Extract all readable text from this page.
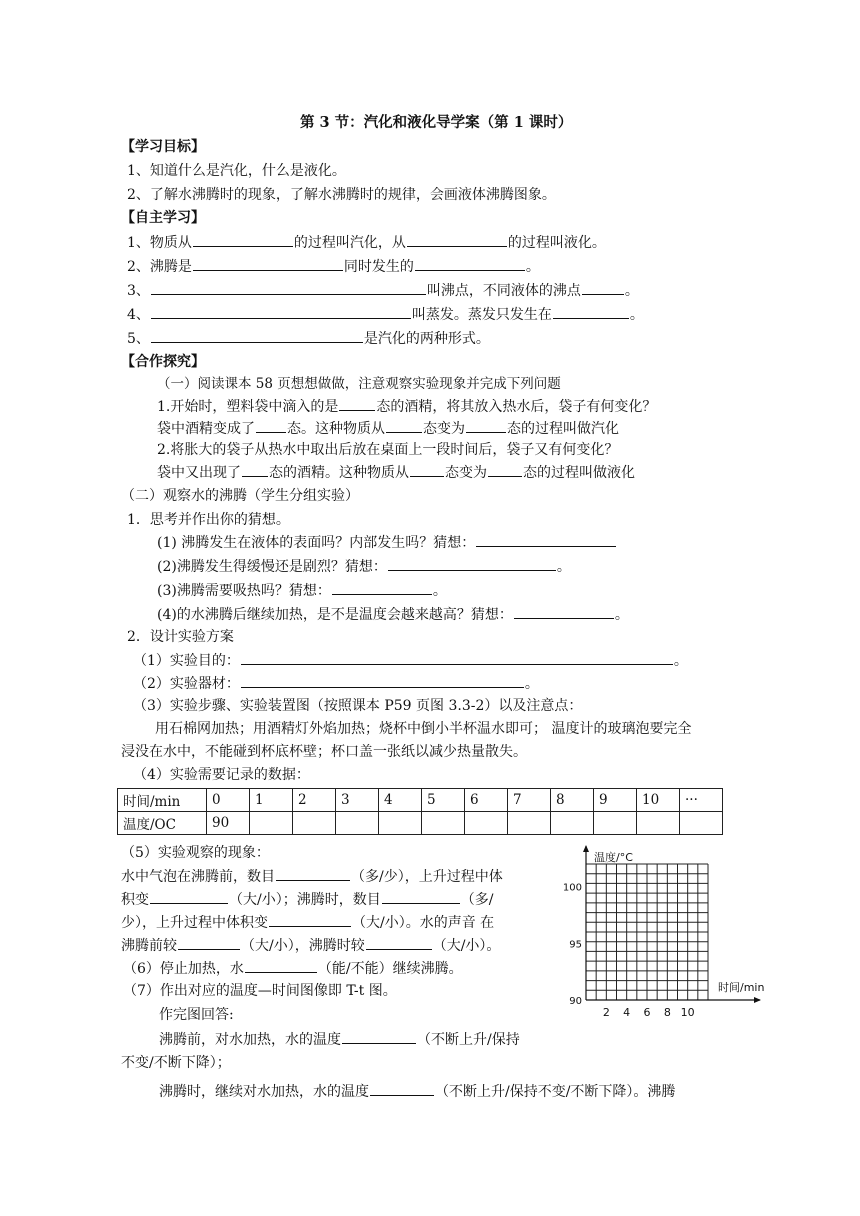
第 3 节：汽化和液化导学案（第 1 课时）
【学习目标】
1、知道什么是汽化，什么是液化。
2、了解水沸腾时的现象，了解水沸腾时的规律，会画液体沸腾图象。
【自主学习】
1、物质从	的过程叫汽化，从	的过程叫液化。
2、沸腾是	同时发生的	。
3、	叫沸点，不同液体的沸点	。
4、	叫蒸发。蒸发只发生在	。
5、	是汽化的两种形式。
【合作探究】
（一）阅读课本 58 页想想做做，注意观察实验现象并完成下列问题
1.开始时，塑料袋中滴入的是	态的酒精，将其放入热水后，袋子有何变化？
袋中酒精变成了 态。这种物质从	态变为	态的过程叫做汽化
2.将胀大的袋子从热水中取出后放在桌面上一段时间后，袋子又有何变化？
袋中又出现了 态的酒精。这种物质从	态变为	态的过程叫做液化
（二）观察水的沸腾（学生分组实验）
1．思考并作出你的猜想。
(1) 沸腾发生在液体的表面吗？内部发生吗？猜想：
(2)沸腾发生得缓慢还是剧烈？猜想：	。
(3)沸腾需要吸热吗？猜想：	。
(4)的水沸腾后继续加热，是不是温度会越来越高？猜想：	。
2．设计实验方案
（1）实验目的：	。
（2）实验器材：	。
（3）实验步骤、实验装置图（按照课本 P59 页图 3.3-2）以及注意点：
用石棉网加热；用酒精灯外焰加热；烧杯中倒小半杯温水即可； 温度计的玻璃泡要完全
浸没在水中，不能碰到杯底杯壁；杯口盖一张纸以减少热量散失。
（4）实验需要记录的数据：
时间/min	0	1	2	3	4	5	6	7	8	9	10	···
温度/OC	90											
（5）实验观察的现象：
水中气泡在沸腾前，数目	（多/少），上升过程中体
积变	（大/小）；沸腾时，数目	（多/
少），上升过程中体积变	（大/小）。水的声音 在
沸腾前较	（大/小），沸腾时较	（大/小）。
（6）停止加热，水	（能/不能）继续沸腾。
（7）作出对应的温度—时间图像即 T-t 图。
作完图回答:
沸腾前，对水加热，水的温度	（不断上升/保持
不变/不断下降）；
沸腾时，继续对水加热，水的温度	（不断上升/保持不变/不断下降）。沸腾
温度/°C
时间/min
100
95
90
2 4 6 8 10
